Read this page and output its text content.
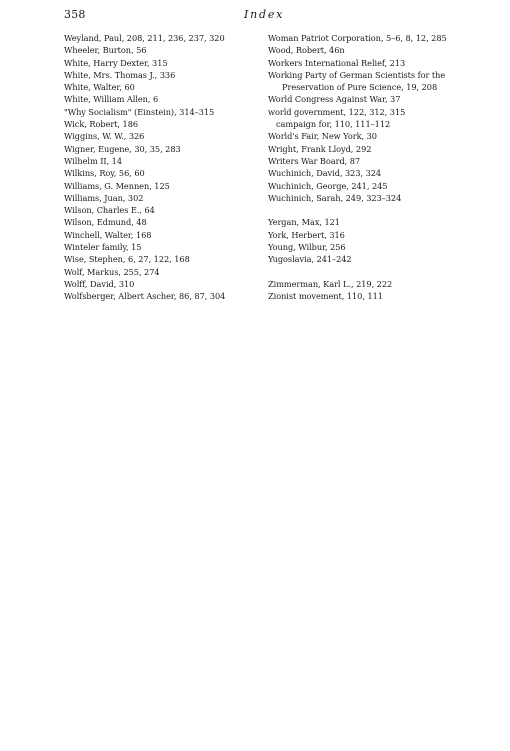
358	Index
Weyland, Paul, 208, 211, 236, 237, 320
Wheeler, Burton, 56
White, Harry Dexter, 315
White, Mrs. Thomas J., 336
White, Walter, 60
White, William Allen, 6
"Why Socialism" (Einstein), 314–315
Wick, Robert, 186
Wiggins, W. W., 326
Wigner, Eugene, 30, 35, 283
Wilhelm II, 14
Wilkins, Roy, 56, 60
Williams, G. Mennen, 125
Williams, Juan, 302
Wilson, Charles E., 64
Wilson, Edmund, 48
Winchell, Walter, 168
Winteler family, 15
Wise, Stephen, 6, 27, 122, 168
Wolf, Markus, 255, 274
Wolff, David, 310
Wolfsberger, Albert Ascher, 86, 87, 304
Woman Patriot Corporation, 5–6, 8, 12, 285
Wood, Robert, 46n
Workers International Relief, 213
Working Party of German Scientists for the Preservation of Pure Science, 19, 208
World Congress Against War, 37
world government, 122, 312, 315
campaign for, 110, 111–112
World's Fair, New York, 30
Wright, Frank Lloyd, 292
Writers War Board, 87
Wuchinich, David, 323, 324
Wuchinich, George, 241, 245
Wuchinich, Sarah, 249, 323–324
Yergan, Max, 121
York, Herbert, 316
Young, Wilbur, 256
Yugoslavia, 241–242
Zimmerman, Karl L., 219, 222
Zionist movement, 110, 111
